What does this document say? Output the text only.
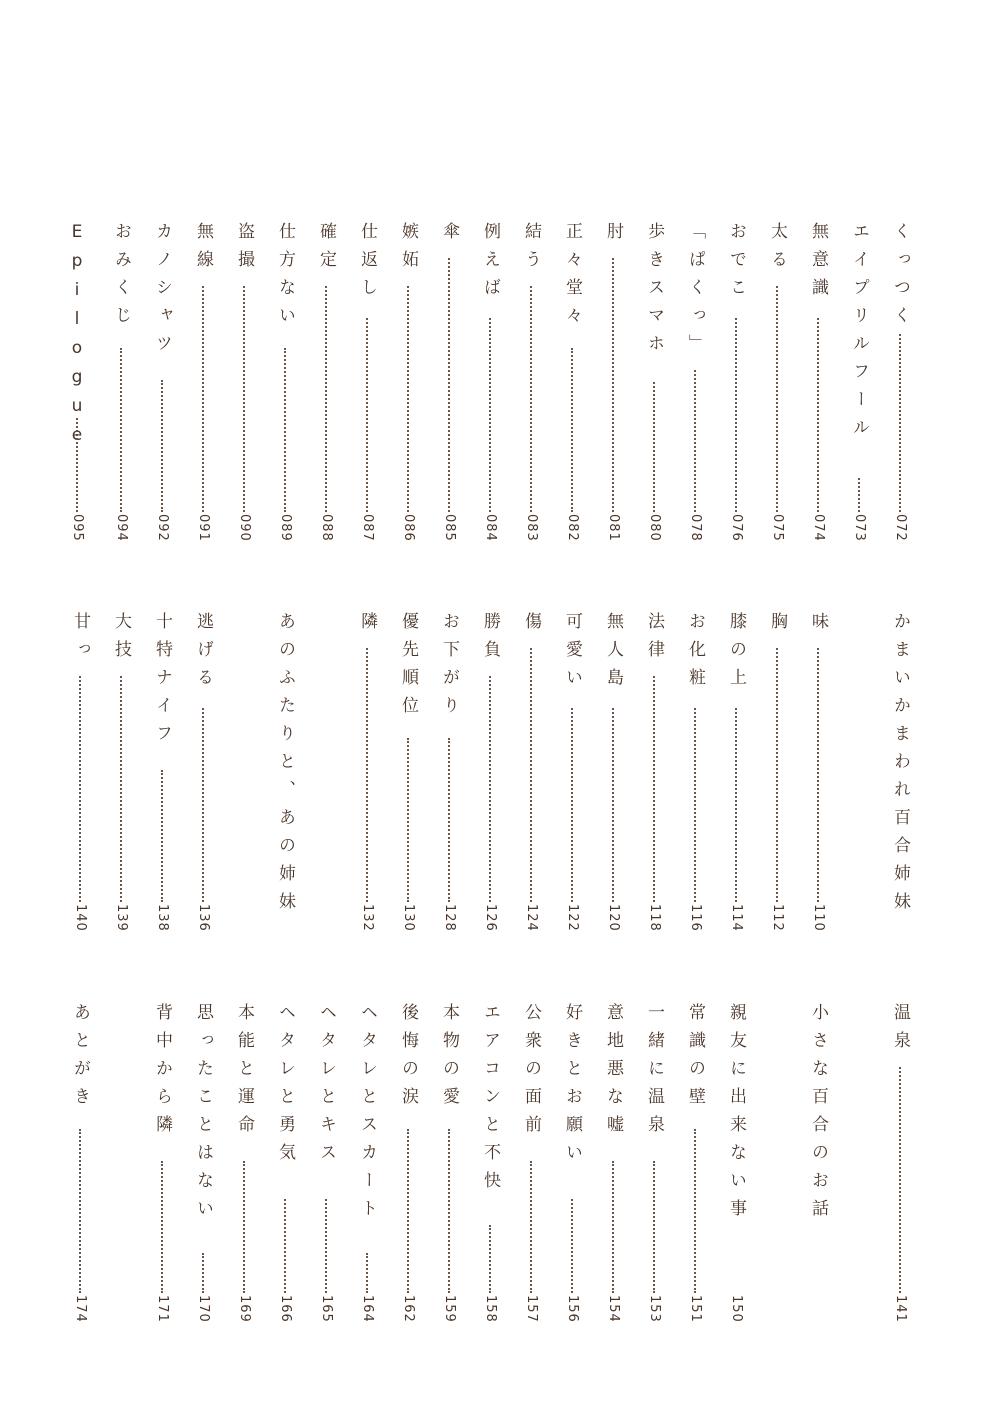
くっつく
072
エイプリルフール
073
無意識
074
太る
075
おでこ
076
「ぱくっ」
078
歩きスマホ
080
肘
081
正々堂々
082
結う
083
例えば
084
傘
085
嫉妬
086
仕返し
087
確定
088
仕方ない
089
盗撮
090
無線
091
カノシャツ
092
おみくじ
094
Epilogue
095
かまいかまわれ百合姉妹
味
110
胸
112
膝の上
114
お化粧
116
法律
118
無人島
120
可愛い
122
傷
124
勝負
126
お下がり
128
優先順位
130
隣
132
あのふたりと、あの姉妹
逃げる
136
十特ナイフ
138
大技
139
甘っ
140
温泉
141
小さな百合のお話
親友に出来ない事
150
常識の壁
151
一緒に温泉
153
意地悪な嘘
154
好きとお願い
156
公衆の面前
157
エアコンと不快
158
本物の愛
159
後悔の涙
162
ヘタレとスカート
164
ヘタレとキス
165
ヘタレと勇気
166
本能と運命
169
思ったことはない
170
背中から隣
171
あとがき
174
